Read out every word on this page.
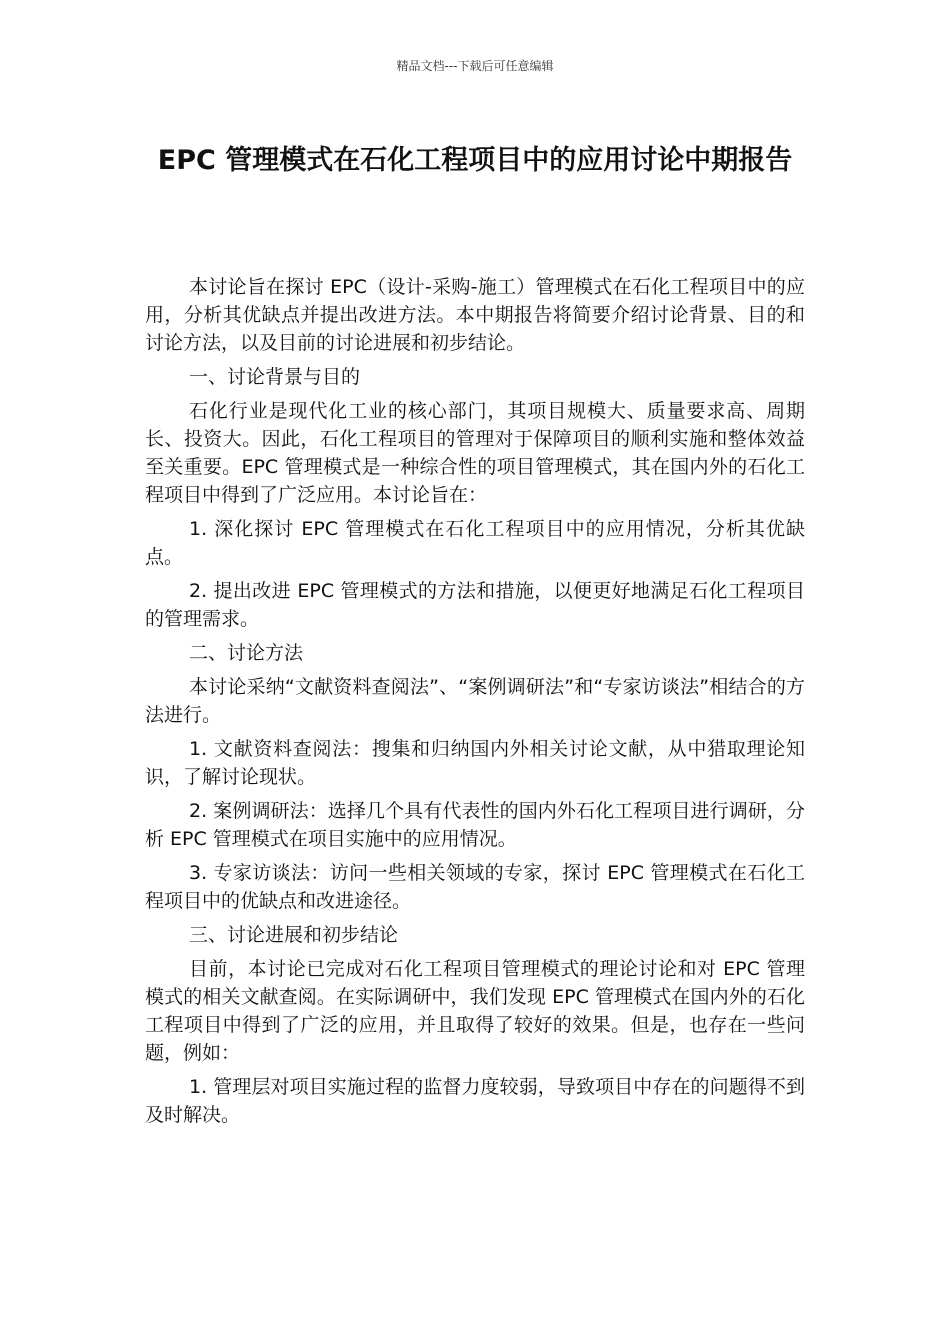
精品文档---下载后可任意编辑
EPC 管理模式在石化工程项目中的应用讨论中期报告

本讨论旨在探讨 EPC（设计-采购-施工）管理模式在石化工程项目中的应用，分析其优缺点并提出改进方法。本中期报告将简要介绍讨论背景、目的和讨论方法，以及目前的讨论进展和初步结论。

一、讨论背景与目的

石化行业是现代化工业的核心部门，其项目规模大、质量要求高、周期长、投资大。因此，石化工程项目的管理对于保障项目的顺利实施和整体效益至关重要。EPC 管理模式是一种综合性的项目管理模式，其在国内外的石化工程项目中得到了广泛应用。本讨论旨在：

1. 深化探讨 EPC 管理模式在石化工程项目中的应用情况，分析其优缺点。

2. 提出改进 EPC 管理模式的方法和措施，以便更好地满足石化工程项目的管理需求。

二、讨论方法

本讨论采纳“文献资料查阅法”、“案例调研法”和“专家访谈法”相结合的方法进行。

1. 文献资料查阅法：搜集和归纳国内外相关讨论文献，从中猎取理论知识，了解讨论现状。

2. 案例调研法：选择几个具有代表性的国内外石化工程项目进行调研，分析 EPC 管理模式在项目实施中的应用情况。

3. 专家访谈法：访问一些相关领域的专家，探讨 EPC 管理模式在石化工程项目中的优缺点和改进途径。

三、讨论进展和初步结论

目前，本讨论已完成对石化工程项目管理模式的理论讨论和对 EPC 管理模式的相关文献查阅。在实际调研中，我们发现 EPC 管理模式在国内外的石化工程项目中得到了广泛的应用，并且取得了较好的效果。但是，也存在一些问题，例如：

1. 管理层对项目实施过程的监督力度较弱，导致项目中存在的问题得不到及时解决。
